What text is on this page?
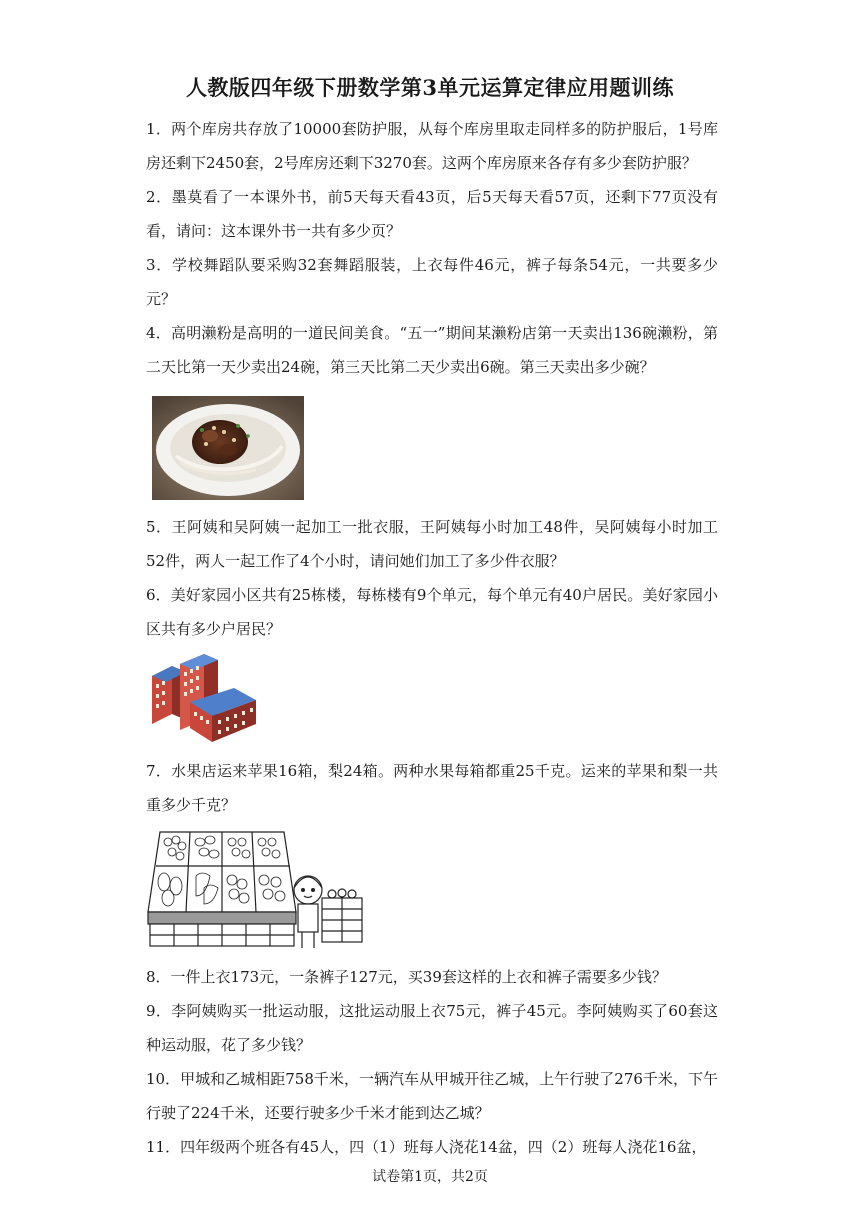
人教版四年级下册数学第3单元运算定律应用题训练

1．两个库房共存放了10000套防护服，从每个库房里取走同样多的防护服后，1号库房还剩下2450套，2号库房还剩下3270套。这两个库房原来各存有多少套防护服？

2．墨莫看了一本课外书，前5天每天看43页，后5天每天看57页，还剩下77页没有看，请问：这本课外书一共有多少页？

3．学校舞蹈队要采购32套舞蹈服装，上衣每件46元，裤子每条54元，一共要多少元？

4．高明濑粉是高明的一道民间美食。“五一”期间某濑粉店第一天卖出136碗濑粉，第二天比第一天少卖出24碗，第三天比第二天少卖出6碗。第三天卖出多少碗？

5．王阿姨和吴阿姨一起加工一批衣服，王阿姨每小时加工48件，吴阿姨每小时加工52件，两人一起工作了4个小时，请问她们加工了多少件衣服？

6．美好家园小区共有25栋楼，每栋楼有9个单元，每个单元有40户居民。美好家园小区共有多少户居民？

7．水果店运来苹果16箱，梨24箱。两种水果每箱都重25千克。运来的苹果和梨一共重多少千克？

8．一件上衣173元，一条裤子127元，买39套这样的上衣和裤子需要多少钱？

9．李阿姨购买一批运动服，这批运动服上衣75元，裤子45元。李阿姨购买了60套这种运动服，花了多少钱？

10．甲城和乙城相距758千米，一辆汽车从甲城开往乙城，上午行驶了276千米，下午行驶了224千米，还要行驶多少千米才能到达乙城？

11．四年级两个班各有45人，四（1）班每人浇花14盆，四（2）班每人浇花16盆，

试卷第1页，共2页
